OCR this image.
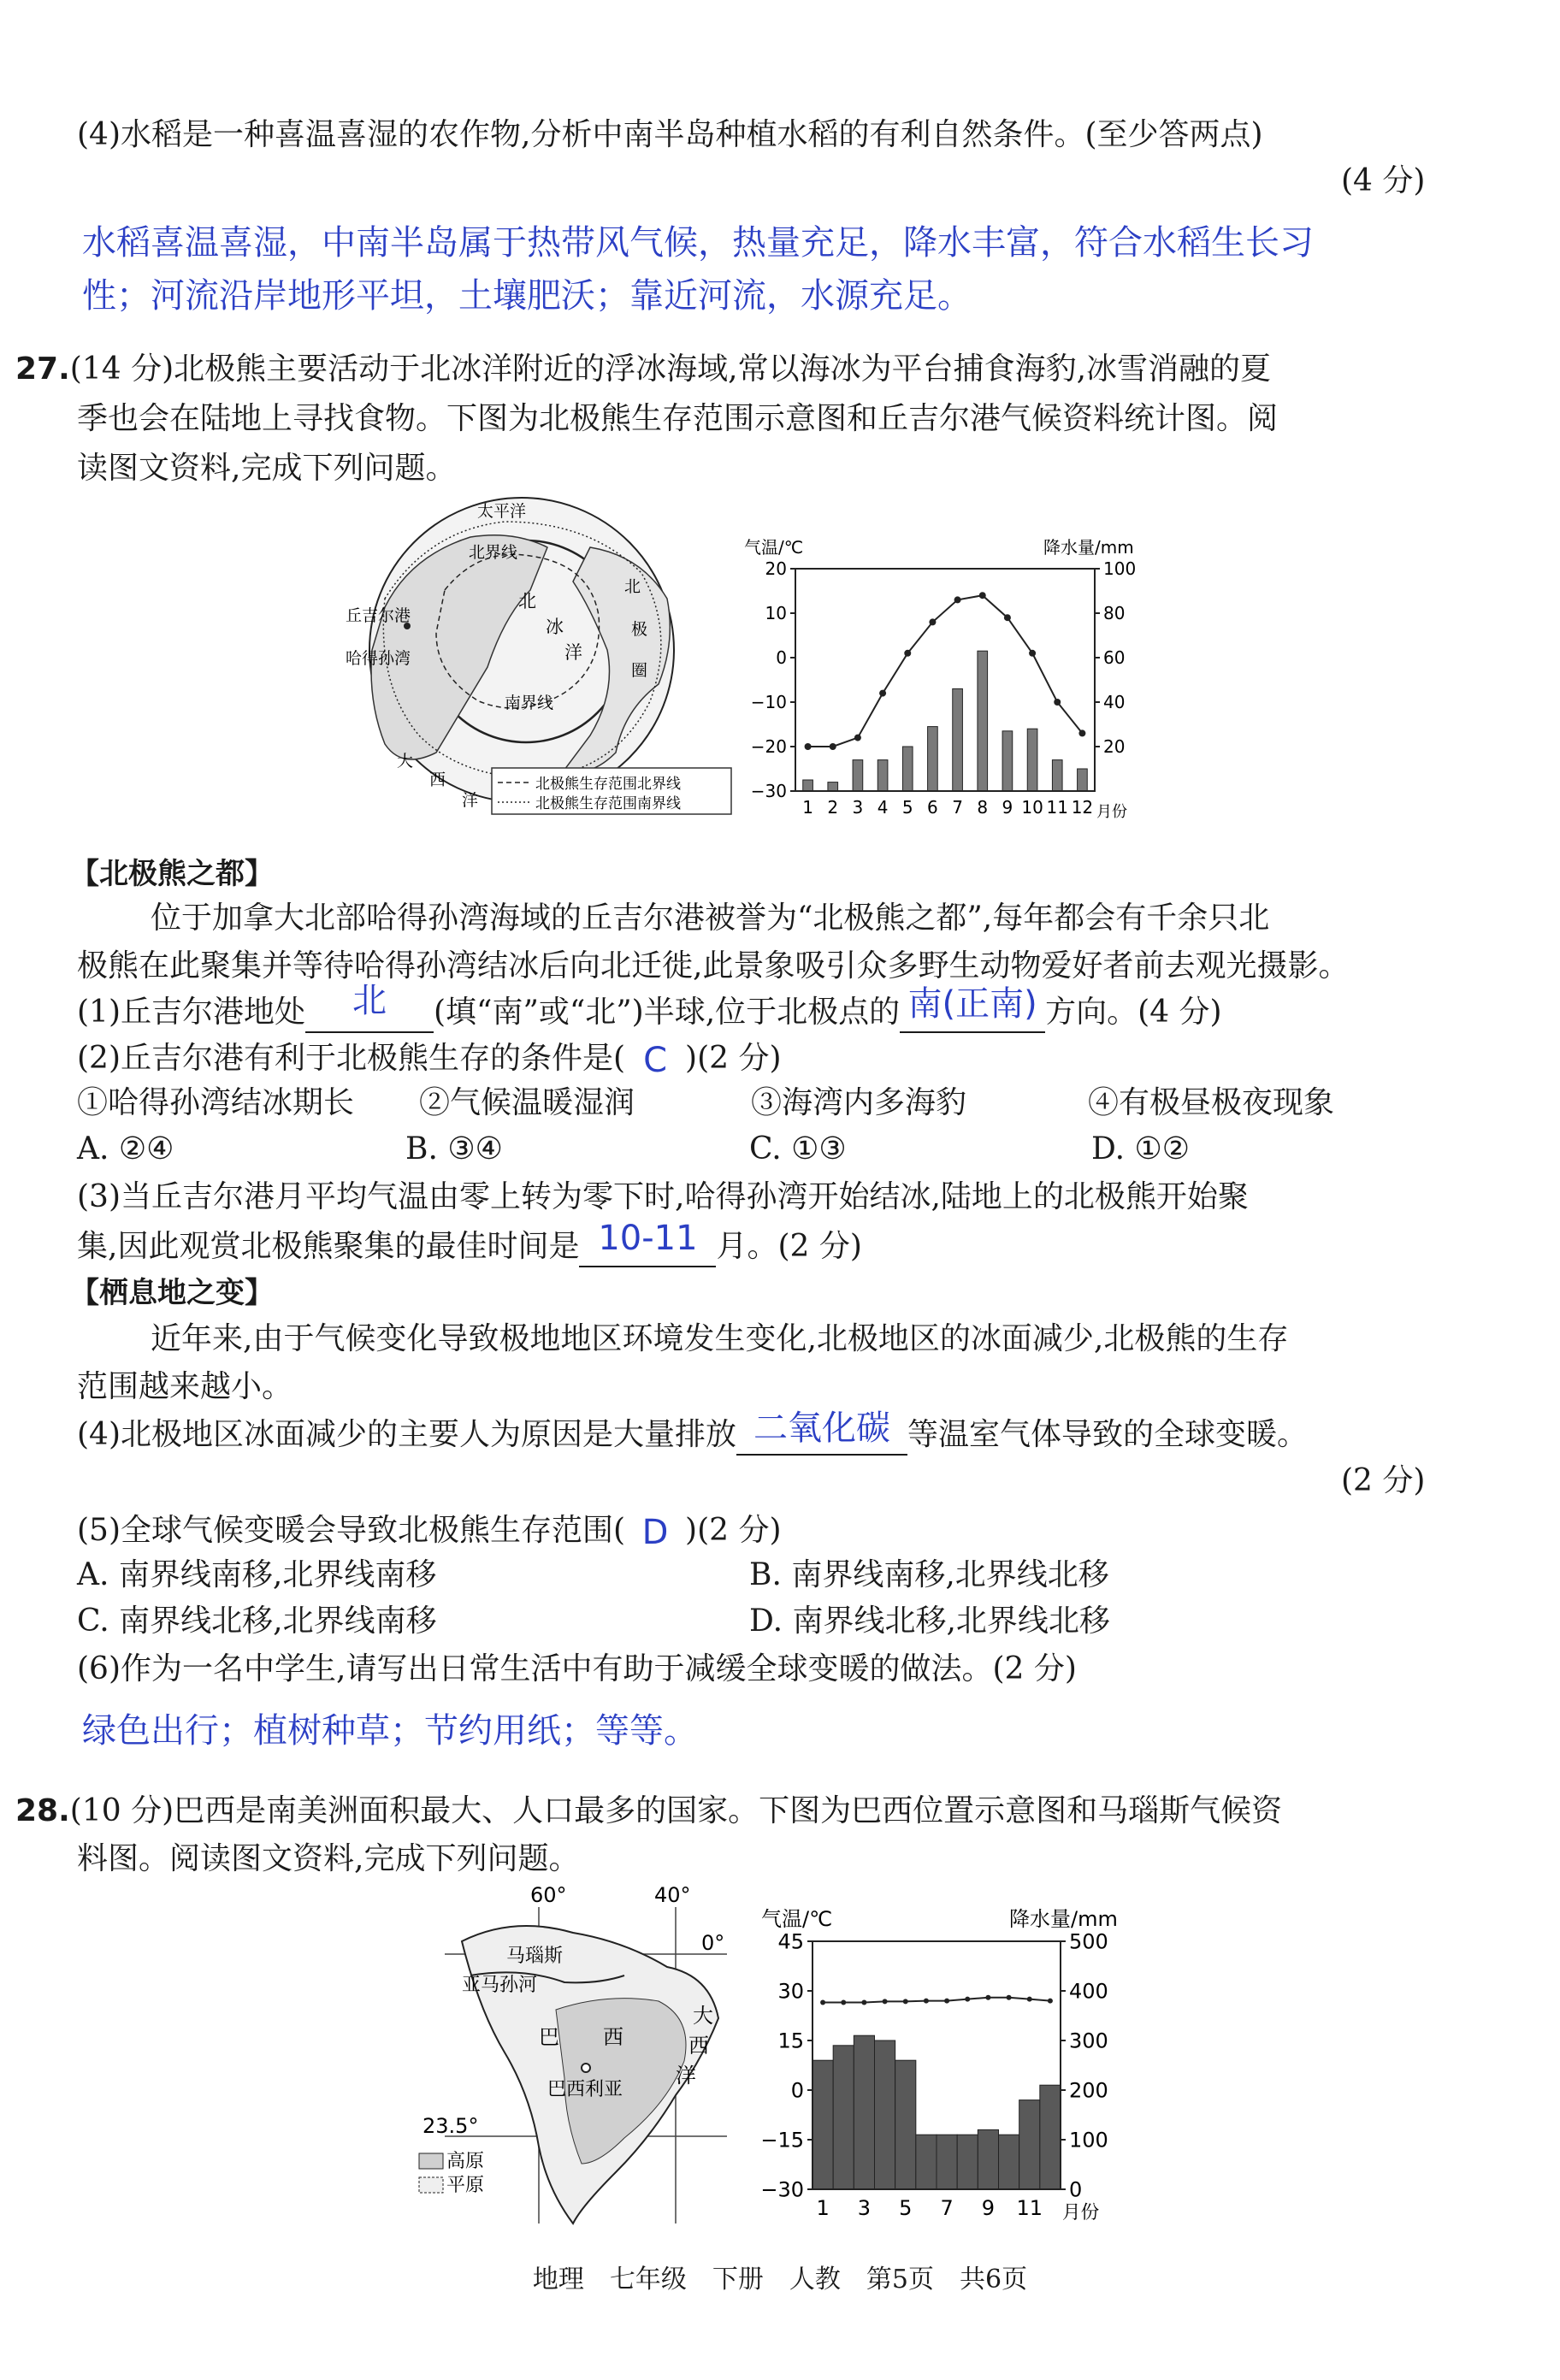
(4)水稻是一种喜温喜湿的农作物,分析中南半岛种植水稻的有利自然条件。(至少答两点)
(4 分)
水稻喜温喜湿，中南半岛属于热带风气候，热量充足，降水丰富，符合水稻生长习
性；河流沿岸地形平坦，土壤肥沃；靠近河流，水源充足。
27.(14 分)北极熊主要活动于北冰洋附近的浮冰海域,常以海冰为平台捕食海豹,冰雪消融的夏
季也会在陆地上寻找食物。下图为北极熊生存范围示意图和丘吉尔港气候资料统计图。阅
读图文资料,完成下列问题。
太平洋
北界线
北
冰
洋
南界线
丘吉尔港
哈得孙湾
大
西
洋
北
极
圈
北极熊生存范围北界线
北极熊生存范围南界线
气温/℃	降水量/mm
20
10
0
−10
−20
−30
100
80
60
40
20
1 2 3 4 5 6 7 8 9 10 11 12 月份
【北极熊之都】
位于加拿大北部哈得孙湾海域的丘吉尔港被誉为“北极熊之都”,每年都会有千余只北
极熊在此聚集并等待哈得孙湾结冰后向北迁徙,此景象吸引众多野生动物爱好者前去观光摄影。
(1)丘吉尔港地处 北 (填“南”或“北”)半球,位于北极点的 南(正南) 方向。(4 分)
(2)丘吉尔港有利于北极熊生存的条件是( C )(2 分)
①哈得孙湾结冰期长 ②气候温暖湿润	③海湾内多海豹	④有极昼极夜现象
A. ②④	B. ③④	C. ①③	D. ①②
(3)当丘吉尔港月平均气温由零上转为零下时,哈得孙湾开始结冰,陆地上的北极熊开始聚
集,因此观赏北极熊聚集的最佳时间是 10-11 月。(2 分)
【栖息地之变】
近年来,由于气候变化导致极地地区环境发生变化,北极地区的冰面减少,北极熊的生存
范围越来越小。
(4)北极地区冰面减少的主要人为原因是大量排放 二氧化碳 等温室气体导致的全球变暖。
(2 分)
(5)全球气候变暖会导致北极熊生存范围( D )(2 分)
A. 南界线南移,北界线南移	B. 南界线南移,北界线北移
C. 南界线北移,北界线南移	D. 南界线北移,北界线北移
(6)作为一名中学生,请写出日常生活中有助于减缓全球变暖的做法。(2 分)
绿色出行；植树种草；节约用纸；等等。
28.(10 分)巴西是南美洲面积最大、人口最多的国家。下图为巴西位置示意图和马瑙斯气候资
料图。阅读图文资料,完成下列问题。
60°	40°
0°
马瑙斯
亚马孙河
巴 西
巴西利亚
大
西
洋
23.5°
高原
平原
气温/℃	降水量/mm
45
30
15
0
−15
−30
500
400
300
200
100
0
1 3 5 7 9 11 月份
地理　七年级　下册　人教　第5页　共6页
